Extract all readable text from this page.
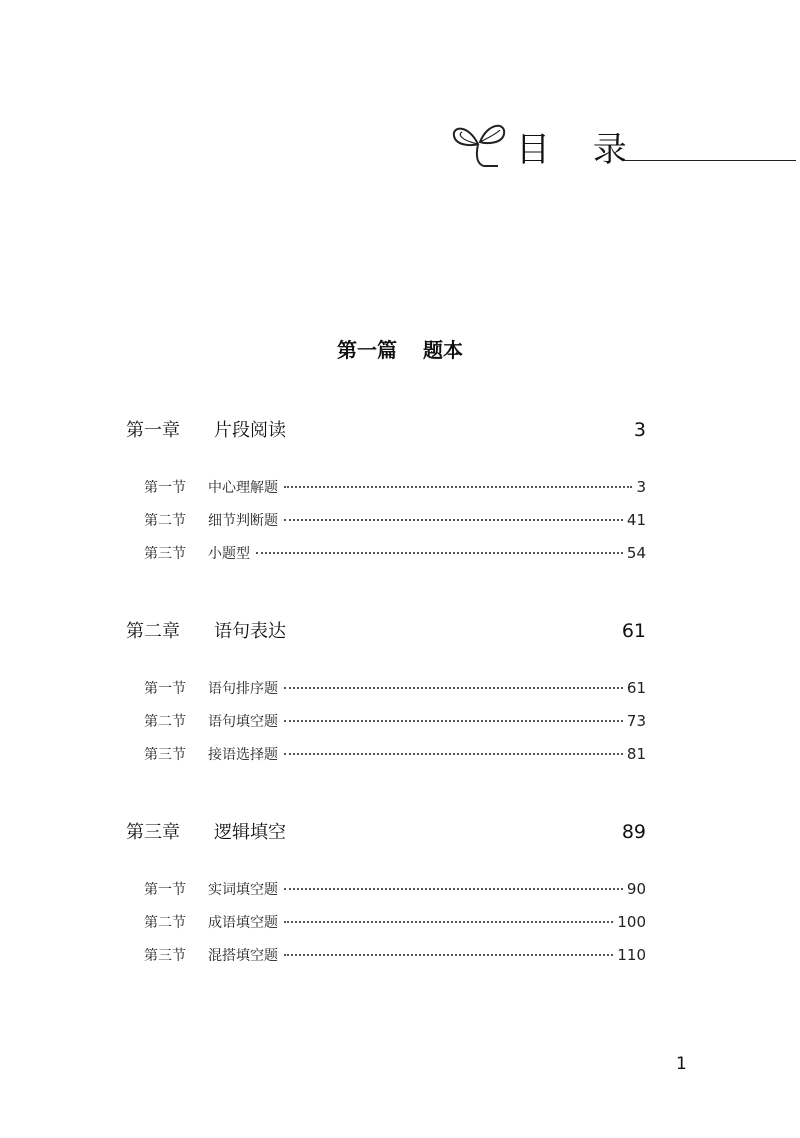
目 录
第一篇 题本
第一章	片段阅读	3
第一节	中心理解题	3
第二节	细节判断题	41
第三节	小题型	54
第二章	语句表达	61
第一节	语句排序题	61
第二节	语句填空题	73
第三节	接语选择题	81
第三章	逻辑填空	89
第一节	实词填空题	90
第二节	成语填空题	100
第三节	混搭填空题	110
1
